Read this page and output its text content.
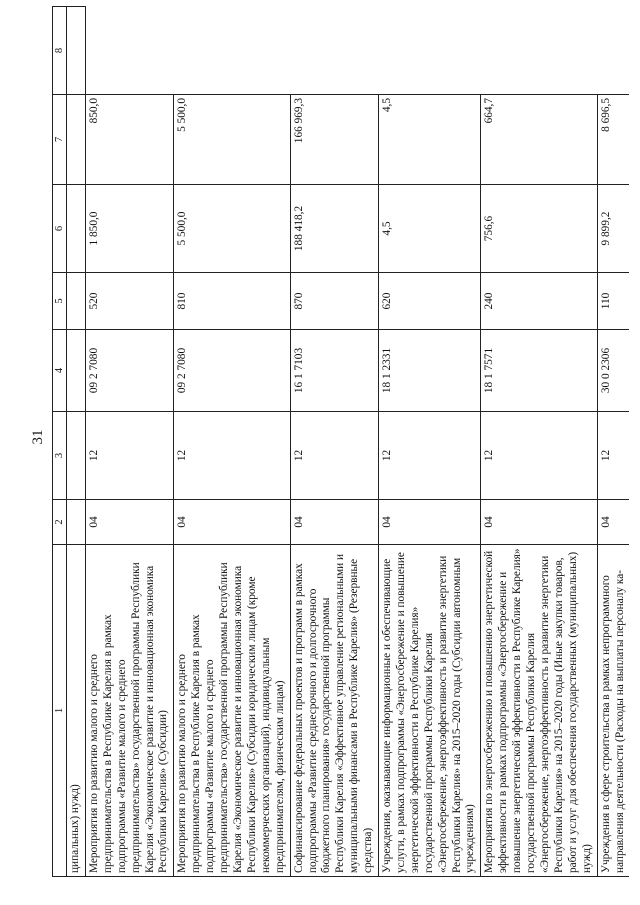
31
1	2	3	4	5	6	7	8
ципальных) нужд)							
Мероприятия по развитию малого и среднего предпринимательства в Республике Карелия в рамках подпрограммы «Развитие малого и среднего предпринимательства» государственной программы Республики Карелия «Экономическое развитие и инновационная экономика Республики Карелия» (Субсидии)	04	12	09 2 7080	520	1 850,0	850,0	
Мероприятия по развитию малого и среднего предпринимательства в Республике Карелия в рамках подпрограммы «Развитие малого и среднего предпринимательства» государственной программы Республики Карелия «Экономическое развитие и инновационная экономика Республики Карелия» (Субсидии юридическим лицам (кроме некоммерческих организаций), индивидуальным предпринимателям, физическим лицам)	04	12	09 2 7080	810	5 500,0	5 500,0	
Софинансирование федеральных проектов и программ в рамках подпрограммы «Развитие среднесрочного и долгосрочного бюджетного планирования» государственной программы Республики Карелия «Эффективное управление региональными и муниципальными финансами в Республике Карелия» (Резервные средства)	04	12	16 1 7103	870	188 418,2	166 969,3	
Учреждения, оказывающие информационные и обеспечивающие услуги, в рамках подпрограммы «Энергосбережение и повышение энергетической эффективности в Республике Карелия» государственной программы Республики Карелия «Энергосбережение, энергоэффективность и развитие энергетики Республики Карелия» на 2015–2020 годы (Субсидии автономным учреждениям)	04	12	18 1 2331	620	4,5	4,5	
Мероприятия по энергосбережению и повышению энергетической эффективности в рамках подпрограммы «Энергосбережение и повышение энергетической эффективности в Республике Карелия» государственной программы Республики Карелия «Энергосбережение, энергоэффективность и развитие энергетики Республики Карелия» на 2015–2020 годы (Иные закупки товаров, работ и услуг для обеспечения государственных (муниципальных) нужд)	04	12	18 1 7571	240	756,6	664,7	
Учреждения в сфере строительства в рамках непрограммного направления деятельности (Расходы на выплаты персоналу ка-	04	12	30 0 2306	110	9 899,2	8 696,5	
